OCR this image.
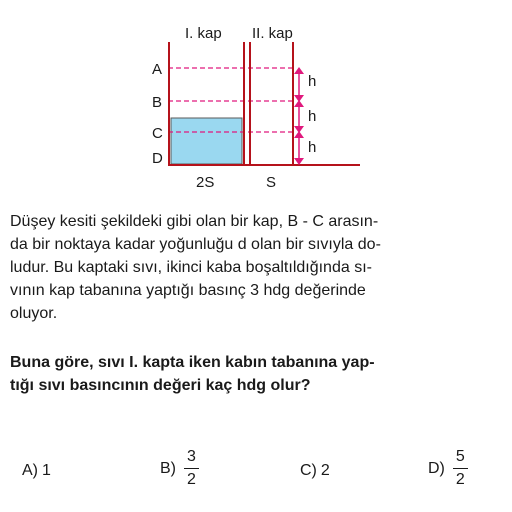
I. kap II. kap
A
B
C
D
h
h
h
2S	S

Düşey kesiti şekildeki gibi olan bir kap, B - C arasın-
da bir noktaya kadar yoğunluğu d olan bir sıvıyla do-
ludur. Bu kaptaki sıvı, ikinci kaba boşaltıldığında sı-
vının kap tabanına yaptığı basınç 3 hdg değerinde
oluyor.

Buna göre, sıvı I. kapta iken kabın tabanına yap-
tığı sıvı basıncının değeri kaç hdg olur?

A) 1	$B) \frac{3}{2}$	C) 2	$D) \frac{5}{2}$
